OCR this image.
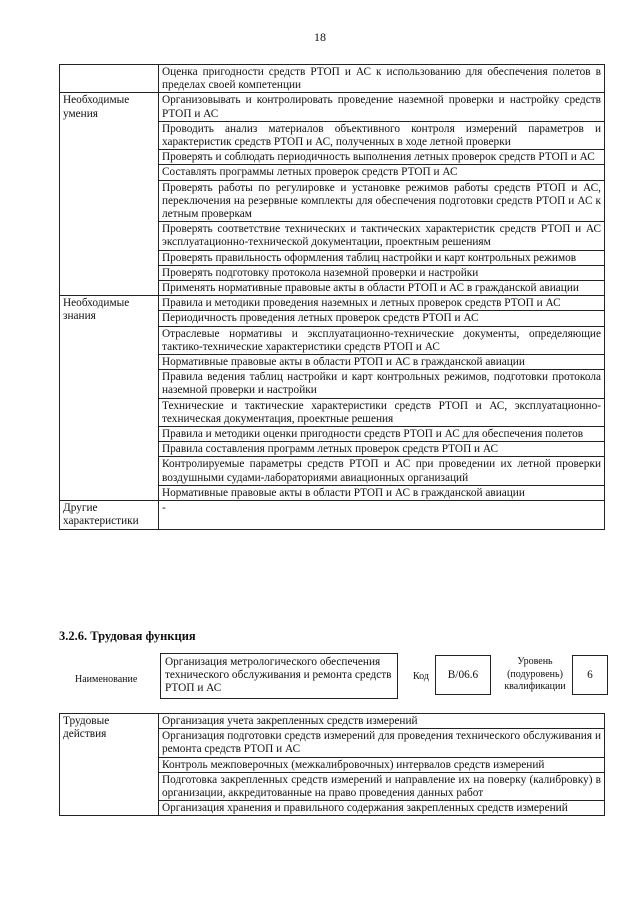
18
	Оценка пригодности средств РТОП и АС к использованию для обеспечения полетов в пределах своей компетенции
Необходимые умения	Организовывать и контролировать проведение наземной проверки и настройку средств РТОП и АС
	Проводить анализ материалов объективного контроля измерений параметров и характеристик средств РТОП и АС, полученных в ходе летной проверки
	Проверять и соблюдать периодичность выполнения летных проверок средств РТОП и АС
	Составлять программы летных проверок средств РТОП и АС
	Проверять работы по регулировке и установке режимов работы средств РТОП и АС, переключения на резервные комплекты для обеспечения подготовки средств РТОП и АС к летным проверкам
	Проверять соответствие технических и тактических характеристик средств РТОП и АС эксплуатационно-технической документации, проектным решениям
	Проверять правильность оформления таблиц настройки и карт контрольных режимов
	Проверять подготовку протокола наземной проверки и настройки
	Применять нормативные правовые акты в области РТОП и АС в гражданской авиации
Необходимые знания	Правила и методики проведения наземных и летных проверок средств РТОП и АС
	Периодичность проведения летных проверок средств РТОП и АС
	Отраслевые нормативы и эксплуатационно-технические документы, определяющие тактико-технические характеристики средств РТОП и АС
	Нормативные правовые акты в области РТОП и АС в гражданской авиации
	Правила ведения таблиц настройки и карт контрольных режимов, подготовки протокола наземной проверки и настройки
	Технические и тактические характеристики средств РТОП и АС, эксплуатационно-техническая документация, проектные решения
	Правила и методики оценки пригодности средств РТОП и АС для обеспечения полетов
	Правила составления программ летных проверок средств РТОП и АС
	Контролируемые параметры средств РТОП и АС при проведении их летной проверки воздушными судами-лабораториями авиационных организаций
	Нормативные правовые акты в области РТОП и АС в гражданской авиации
Другие характеристики	-
3.2.6. Трудовая функция
Наименование
Организация метрологического обеспечения технического обслуживания и ремонта средств РТОП и АС
Код	B/06.6
Уровень (подуровень) квалификации
6
Трудовые действия	Организация учета закрепленных средств измерений
Организация подготовки средств измерений для проведения технического обслуживания и ремонта средств РТОП и АС
Контроль межповерочных (межкалибровочных) интервалов средств измерений
Подготовка закрепленных средств измерений и направление их на поверку (калибровку) в организации, аккредитованные на право проведения данных работ
Организация хранения и правильного содержания закрепленных средств измерений
